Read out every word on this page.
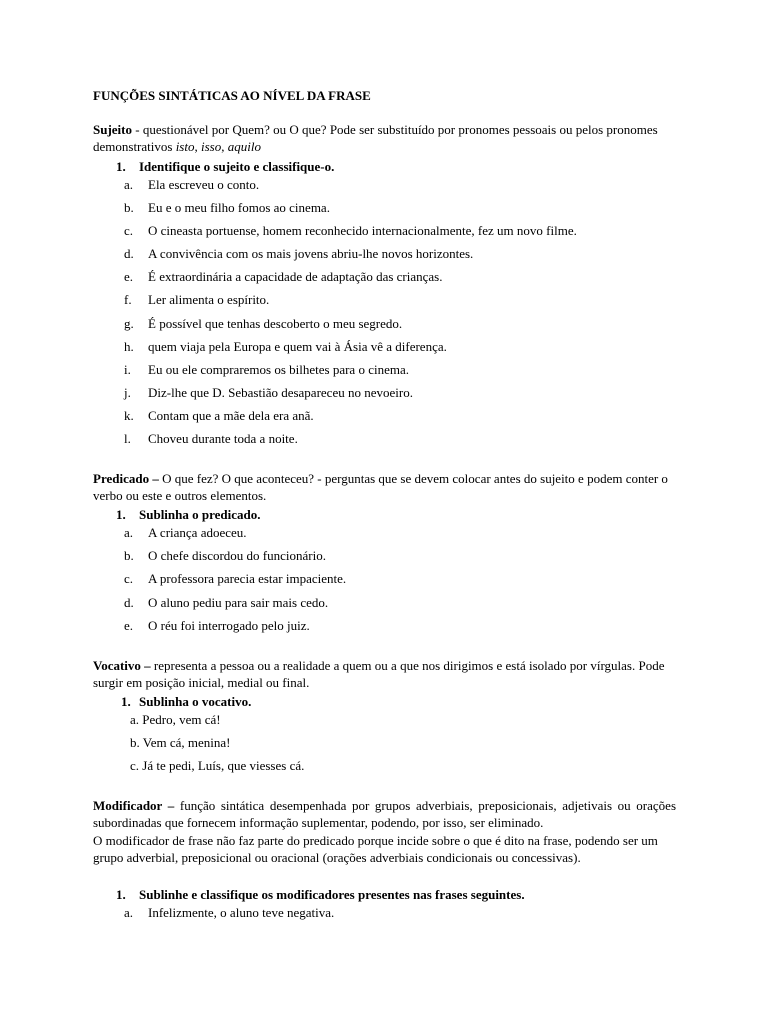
FUNÇÕES SINTÁTICAS AO NÍVEL DA FRASE
Sujeito - questionável por Quem? ou O que? Pode ser substituído por pronomes pessoais ou pelos pronomes demonstrativos isto, isso, aquilo
1. Identifique o sujeito e classifique-o.
a. Ela escreveu o conto.
b. Eu e o meu filho fomos ao cinema.
c. O cineasta portuense, homem reconhecido internacionalmente, fez um novo filme.
d. A convivência com os mais jovens abriu-lhe novos horizontes.
e. É extraordinária a capacidade de adaptação das crianças.
f. Ler alimenta o espírito.
g. É possível que tenhas descoberto o meu segredo.
h. quem viaja pela Europa e quem vai à Ásia vê a diferença.
i. Eu ou ele compraremos os bilhetes para o cinema.
j. Diz-lhe que D. Sebastião desapareceu no nevoeiro.
k. Contam que a mãe dela era anã.
l. Choveu durante toda a noite.
Predicado – O que fez? O que aconteceu? - perguntas que se devem colocar antes do sujeito e podem conter o verbo ou este e outros elementos.
1. Sublinha o predicado.
a. A criança adoeceu.
b. O chefe discordou do funcionário.
c. A professora parecia estar impaciente.
d. O aluno pediu para sair mais cedo.
e. O réu foi interrogado pelo juiz.
Vocativo – representa a pessoa ou a realidade a quem ou a que nos dirigimos e está isolado por vírgulas. Pode surgir em posição inicial, medial ou final.
1. Sublinha o vocativo.
a. Pedro, vem cá!
b. Vem cá, menina!
c. Já te pedi, Luís, que viesses cá.
Modificador – função sintática desempenhada por grupos adverbiais, preposicionais, adjetivais ou orações subordinadas que fornecem informação suplementar, podendo, por isso, ser eliminado.
O modificador de frase não faz parte do predicado porque incide sobre o que é dito na frase, podendo ser um grupo adverbial, preposicional ou oracional (orações adverbiais condicionais ou concessivas).
1. Sublinhe e classifique os modificadores presentes nas frases seguintes.
a. Infelizmente, o aluno teve negativa.
